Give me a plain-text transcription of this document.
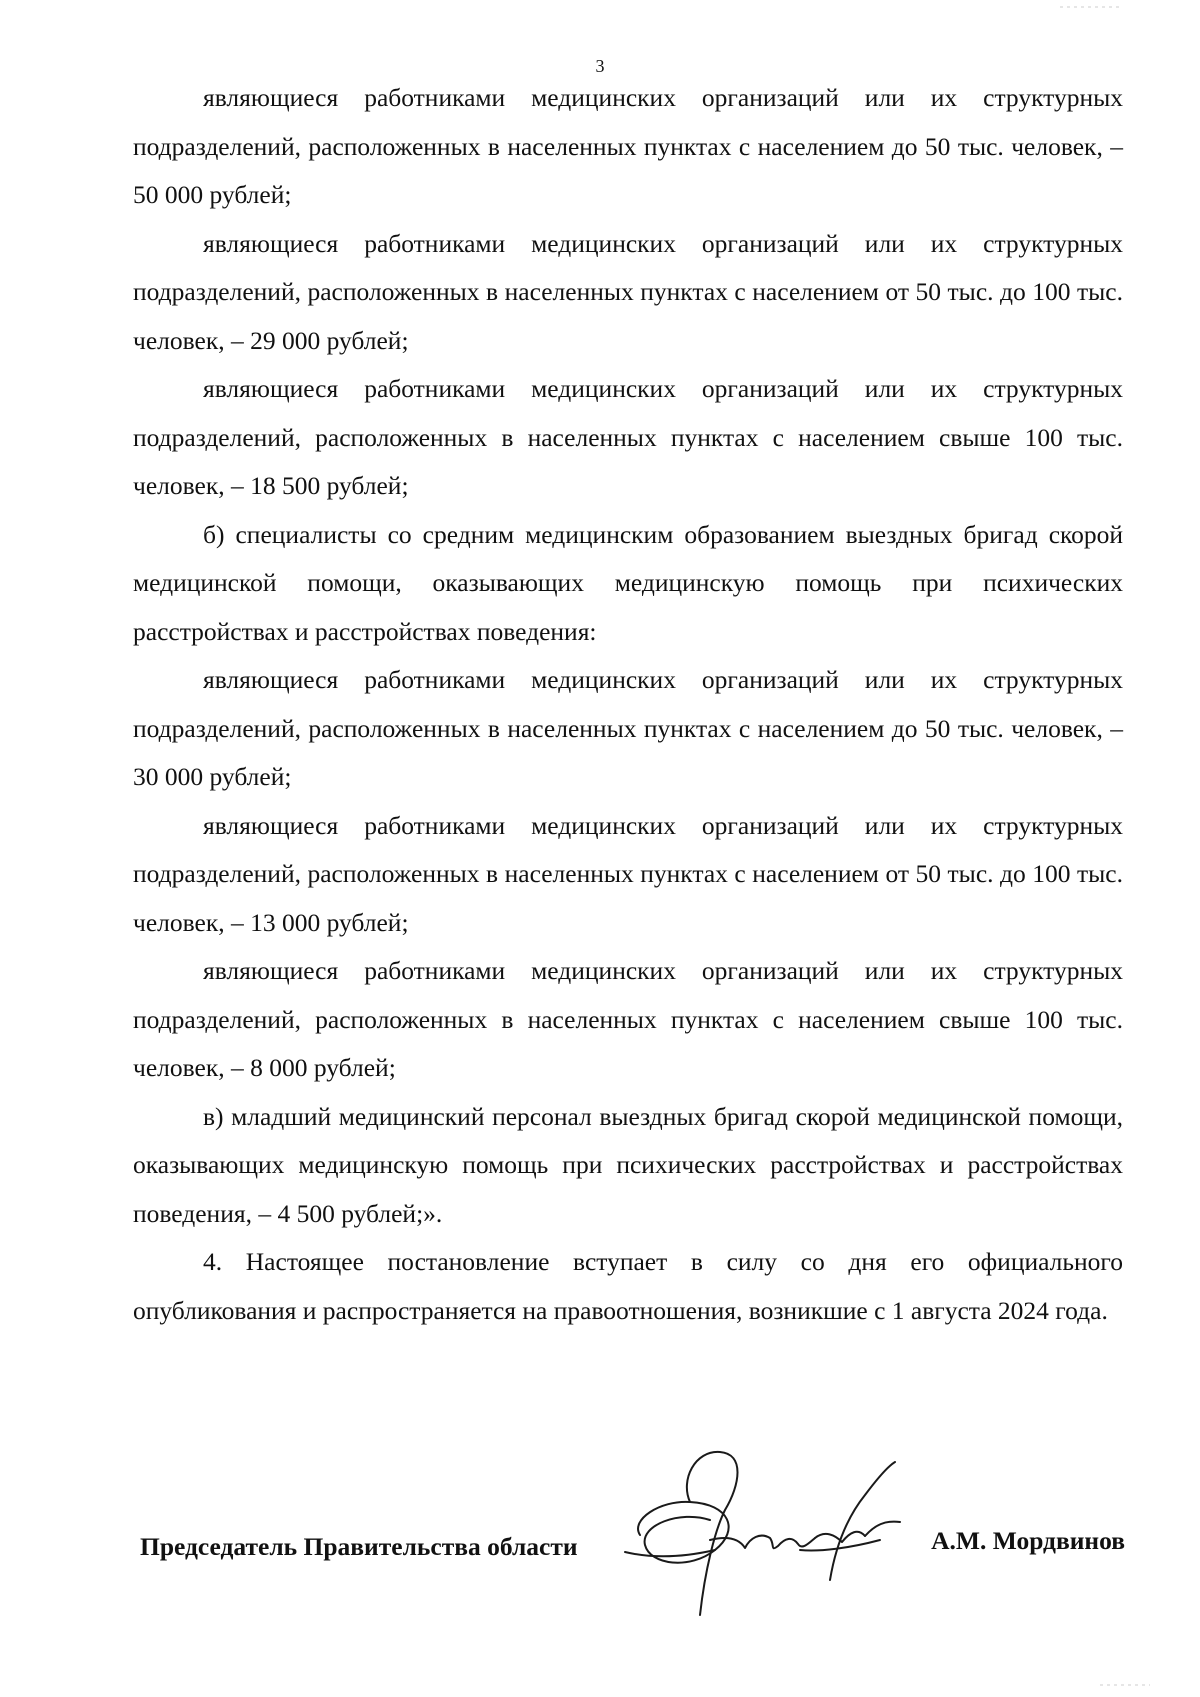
3

являющиеся работниками медицинских организаций или их структурных подразделений, расположенных в населенных пунктах с населением до 50 тыс. человек, – 50 000 рублей;

являющиеся работниками медицинских организаций или их структурных подразделений, расположенных в населенных пунктах с населением от 50 тыс. до 100 тыс. человек, – 29 000 рублей;

являющиеся работниками медицинских организаций или их структурных подразделений, расположенных в населенных пунктах с населением свыше 100 тыс. человек, – 18 500 рублей;

б) специалисты со средним медицинским образованием выездных бригад скорой медицинской помощи, оказывающих медицинскую помощь при психических расстройствах и расстройствах поведения:

являющиеся работниками медицинских организаций или их структурных подразделений, расположенных в населенных пунктах с населением до 50 тыс. человек, – 30 000 рублей;

являющиеся работниками медицинских организаций или их структурных подразделений, расположенных в населенных пунктах с населением от 50 тыс. до 100 тыс. человек, – 13 000 рублей;

являющиеся работниками медицинских организаций или их структурных подразделений, расположенных в населенных пунктах с населением свыше 100 тыс. человек, – 8 000 рублей;

в) младший медицинский персонал выездных бригад скорой медицинской помощи, оказывающих медицинскую помощь при психических расстройствах и расстройствах поведения, – 4 500 рублей;».

4. Настоящее постановление вступает в силу со дня его официального опубликования и распространяется на правоотношения, возникшие с 1 августа 2024 года.

Председатель Правительства области	А.М. Мордвинов
